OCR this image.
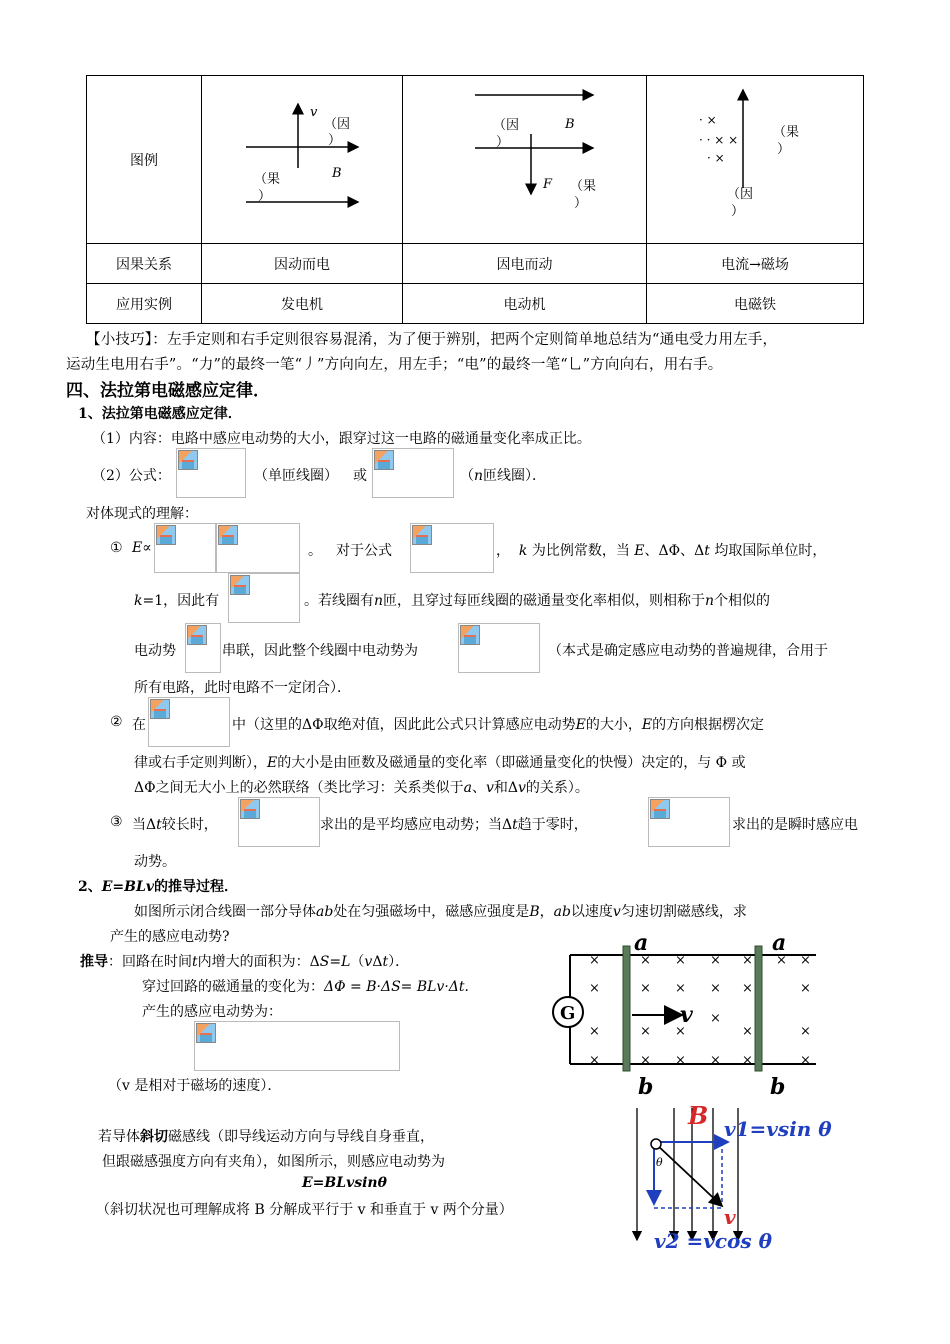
图例
因果关系	因动而电	因电而动	电流→磁场
应用实例	发电机	电动机	电磁铁
v
（因
）
B
（果
）
（因
）
B
F （果
）
· ×
· · × ×
· ×
（果
）
（因
）
【小技巧】：左手定则和右手定则很容易混淆，为了便于辨别，把两个定则简单地总结为“通电受力用左手，
运动生电用右手”。“力”的最终一笔“丿”方向向左，用左手；“电”的最终一笔“乚”方向向右，用右手。
四、法拉第电磁感应定律．
1、法拉第电磁感应定律．
（1）内容：电路中感应电动势的大小，跟穿过这一电路的磁通量变化率成正比。
（2）公式：	（单匝线圈） 或	（n匝线圈）．
对体现式的理解：
① E∝	。 对于公式	， k 为比例常数，当 E、ΔΦ、Δt 均取国际单位时，
k=1，因此有	。若线圈有n匝，且穿过每匝线圈的磁通量变化率相似，则相称于n个相似的
电动势	串联，因此整个线圈中电动势为	（本式是确定感应电动势的普遍规律，合用于
所有电路，此时电路不一定闭合）．
② 在	中（这里的ΔΦ取绝对值，因此此公式只计算感应电动势E的大小，E的方向根据楞次定
律或右手定则判断），E的大小是由匝数及磁通量的变化率（即磁通量变化的快慢）决定的，与 Φ 或
ΔΦ之间无大小上的必然联络（类比学习：关系类似于a、v和Δv的关系）。
③ 当Δt较长时，	求出的是平均感应电动势；当Δt趋于零时，	求出的是瞬时感应电
动势。
2、E=BLv的推导过程．
如图所示闭合线圈一部分导体ab处在匀强磁场中，磁感应强度是B，ab以速度v匀速切割磁感线，求
产生的感应电动势?
推导：回路在时间t内增大的面积为：ΔS=L（vΔt）．
穿过回路的磁通量的变化为：ΔΦ = B·ΔS= BLv·Δt．
产生的感应电动势为：
（v 是相对于磁场的速度）．
若导体斜切磁感线（即导线运动方向与导线自身垂直，
但跟磁感强度方向有夹角），如图所示，则感应电动势为
E=BLvsinθ
（斜切状况也可理解成将 B 分解成平行于 v 和垂直于 v 两个分量）
G
a	a
b	b
v
×
×
×
×
× × × ×
× × × ×
×
× ×	×
× × × ×
× ×
×
×
×
B
θ
v
v1=vsin θ
v2 =vcos θ
